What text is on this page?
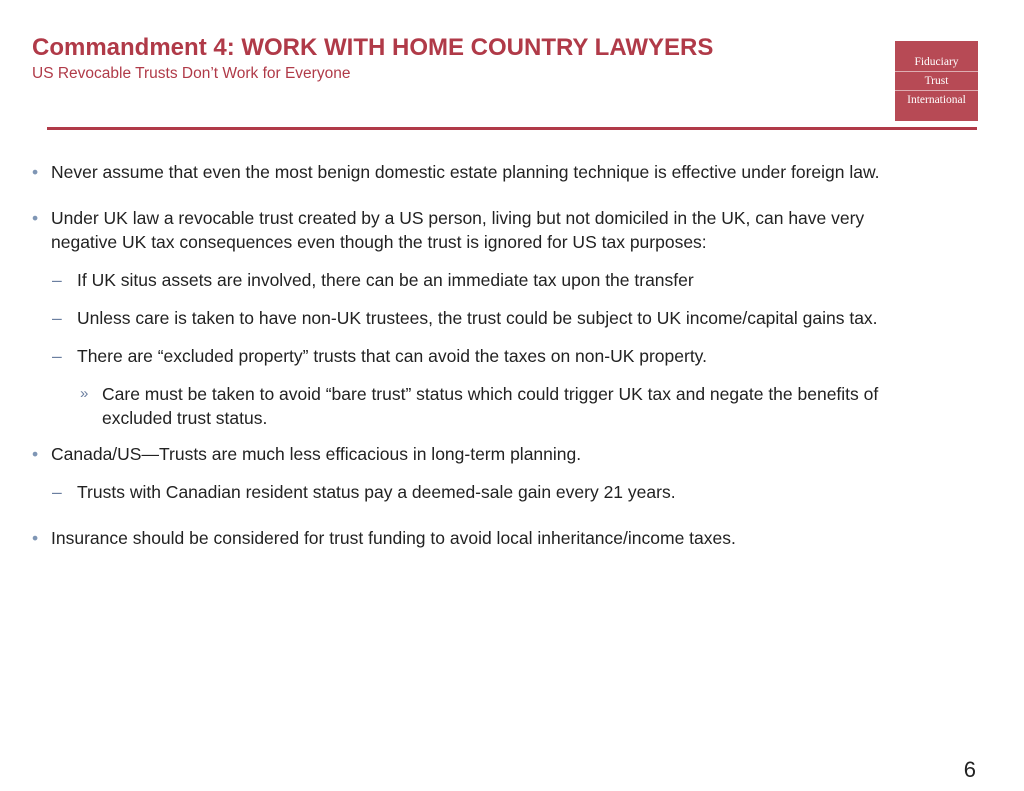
Commandment 4: WORK WITH HOME COUNTRY LAWYERS
US Revocable Trusts Don’t Work for Everyone
Fiduciary
Trust
International
• Never assume that even the most benign domestic estate planning technique is effective under foreign law.
• Under UK law a revocable trust created by a US person, living but not domiciled in the UK, can have very negative UK tax consequences even though the trust is ignored for US tax purposes:
– If UK situs assets are involved, there can be an immediate tax upon the transfer
– Unless care is taken to have non-UK trustees, the trust could be subject to UK income/capital gains tax.
– There are “excluded property” trusts that can avoid the taxes on non-UK property.
» Care must be taken to avoid “bare trust” status which could trigger UK tax and negate the benefits of excluded trust status.
• Canada/US—Trusts are much less efficacious in long-term planning.
– Trusts with Canadian resident status pay a deemed-sale gain every 21 years.
• Insurance should be considered for trust funding to avoid local inheritance/income taxes.
6
